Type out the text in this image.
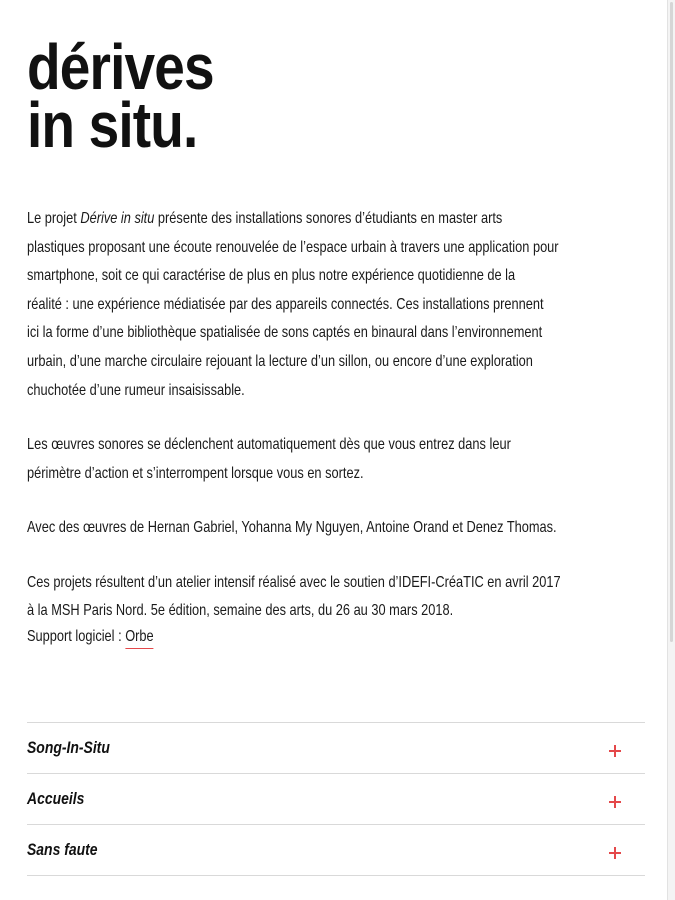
dérives
in situ.
Le projet Dérive in situ présente des installations sonores d’étudiants en master arts
plastiques proposant une écoute renouvelée de l’espace urbain à travers une application pour
smartphone, soit ce qui caractérise de plus en plus notre expérience quotidienne de la
réalité : une expérience médiatisée par des appareils connectés. Ces installations prennent
ici la forme d’une bibliothèque spatialisée de sons captés en binaural dans l’environnement
urbain, d’une marche circulaire rejouant la lecture d’un sillon, ou encore d’une exploration
chuchotée d’une rumeur insaisissable.
Les œuvres sonores se déclenchent automatiquement dès que vous entrez dans leur
périmètre d’action et s’interrompent lorsque vous en sortez.
Avec des œuvres de Hernan Gabriel, Yohanna My Nguyen, Antoine Orand et Denez Thomas.
Ces projets résultent d’un atelier intensif réalisé avec le soutien d’IDEFI-CréaTIC en avril 2017
à la MSH Paris Nord. 5e édition, semaine des arts, du 26 au 30 mars 2018.
Support logiciel : Orbe
Song-In-Situ
Accueils
Sans faute
